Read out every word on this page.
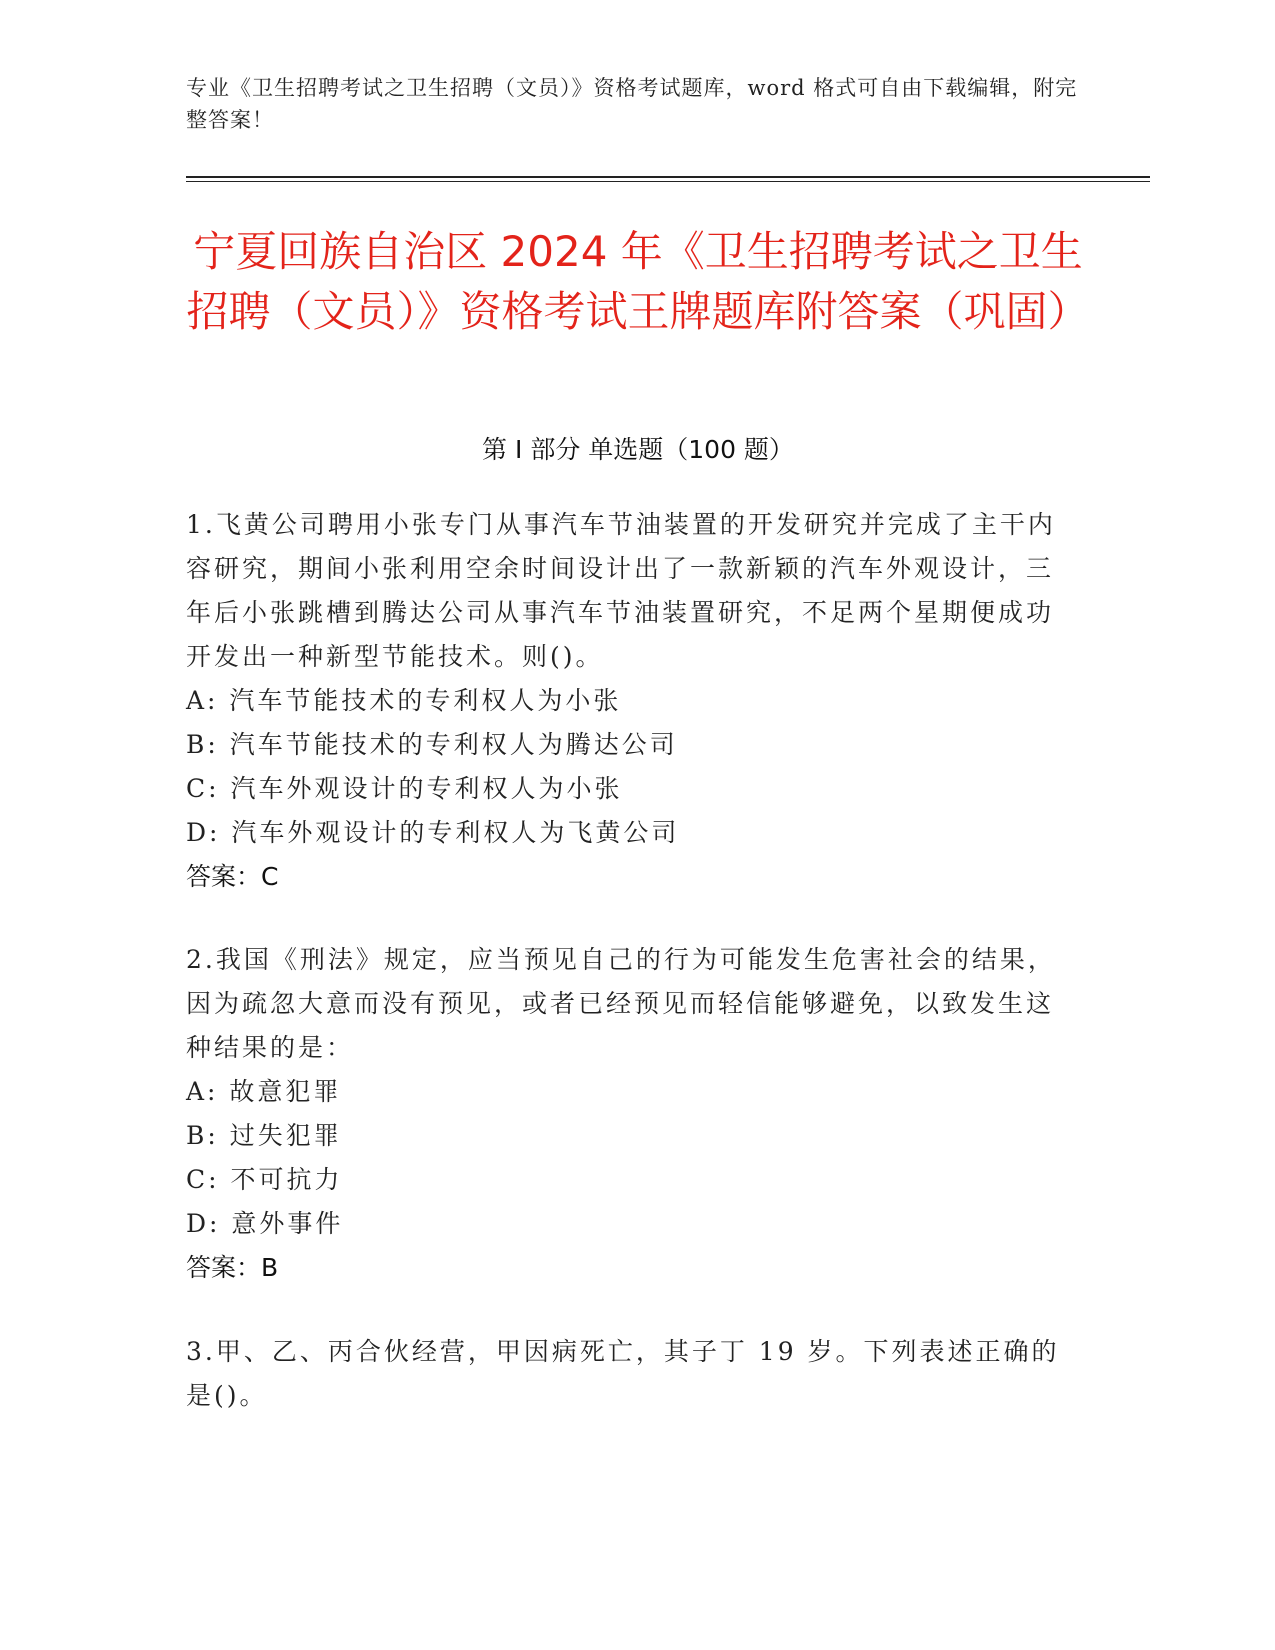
专业《卫生招聘考试之卫生招聘（文员）》资格考试题库，word 格式可自由下载编辑，附完整答案！
宁夏回族自治区 2024 年《卫生招聘考试之卫生招聘（文员）》资格考试王牌题库附答案（巩固）
第 I 部分 单选题（100 题）
1.飞黄公司聘用小张专门从事汽车节油装置的开发研究并完成了主干内容研究，期间小张利用空余时间设计出了一款新颖的汽车外观设计，三年后小张跳槽到腾达公司从事汽车节油装置研究，不足两个星期便成功开发出一种新型节能技术。则()。
A: 汽车节能技术的专利权人为小张
B: 汽车节能技术的专利权人为腾达公司
C: 汽车外观设计的专利权人为小张
D: 汽车外观设计的专利权人为飞黄公司
答案：C
2.我国《刑法》规定，应当预见自己的行为可能发生危害社会的结果，因为疏忽大意而没有预见，或者已经预见而轻信能够避免，以致发生这种结果的是：
A: 故意犯罪
B: 过失犯罪
C: 不可抗力
D: 意外事件
答案：B
3.甲、乙、丙合伙经营，甲因病死亡，其子丁 19 岁。下列表述正确的是()。
